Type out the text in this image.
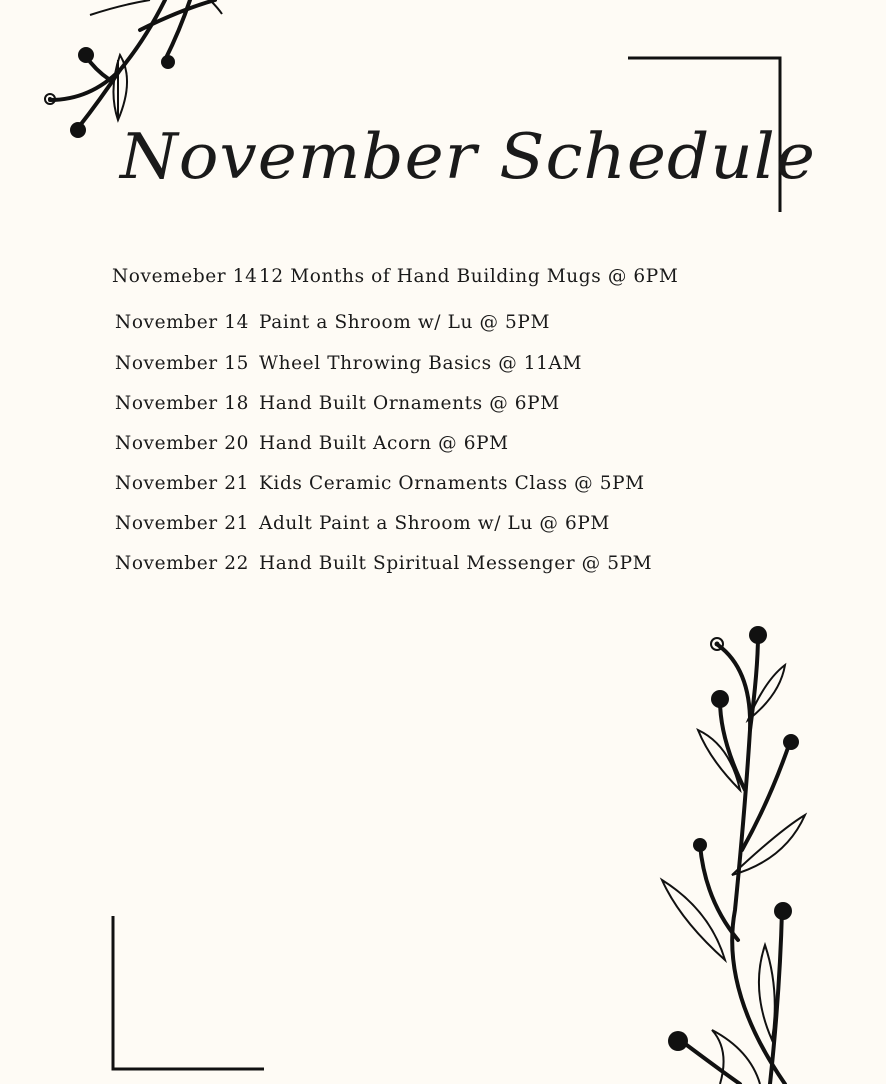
November Schedule
Novemeber 14 12 Months of Hand Building Mugs @ 6PM
November 14 Paint a Shroom w/ Lu @ 5PM
November 15 Wheel Throwing Basics @ 11AM
November 18 Hand Built Ornaments @ 6PM
November 20 Hand Built Acorn @ 6PM
November 21 Kids Ceramic Ornaments Class @ 5PM
November 21 Adult Paint a Shroom w/ Lu @ 6PM
November 22 Hand Built Spiritual Messenger @ 5PM
